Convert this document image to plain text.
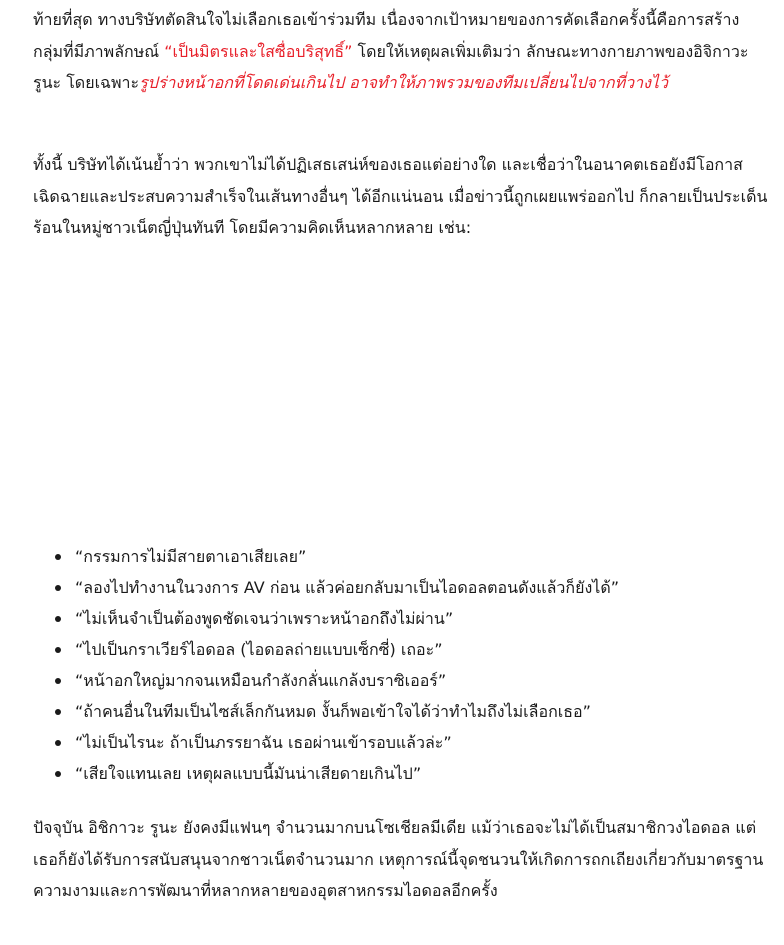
ท้ายที่สุด ทางบริษัทตัดสินใจไม่เลือกเธอเข้าร่วมทีม เนื่องจากเป้าหมายของการคัดเลือกครั้งนี้คือการสร้างกลุ่มที่มีภาพลักษณ์ “เป็นมิตรและใสซื่อบริสุทธิ์” โดยให้เหตุผลเพิ่มเติมว่า ลักษณะทางกายภาพของอิจิกาวะ รูนะ โดยเฉพาะรูปร่างหน้าอกที่โดดเด่นเกินไป อาจทำให้ภาพรวมของทีมเปลี่ยนไปจากที่วางไว้

ทั้งนี้ บริษัทได้เน้นย้ำว่า พวกเขาไม่ได้ปฏิเสธเสน่ห์ของเธอแต่อย่างใด และเชื่อว่าในอนาคตเธอยังมีโอกาสเฉิดฉายและประสบความสำเร็จในเส้นทางอื่นๆ ได้อีกแน่นอน เมื่อข่าวนี้ถูกเผยแพร่ออกไป ก็กลายเป็นประเด็นร้อนในหมู่ชาวเน็ตญี่ปุ่นทันที โดยมีความคิดเห็นหลากหลาย เช่น:

“กรรมการไม่มีสายตาเอาเสียเลย”
“ลองไปทำงานในวงการ AV ก่อน แล้วค่อยกลับมาเป็นไอดอลตอนดังแล้วก็ยังได้”
“ไม่เห็นจำเป็นต้องพูดชัดเจนว่าเพราะหน้าอกถึงไม่ผ่าน”
“ไปเป็นกราเวียร์ไอดอล (ไอดอลถ่ายแบบเซ็กซี่) เถอะ”
“หน้าอกใหญ่มากจนเหมือนกำลังกลั่นแกล้งบราซิเออร์”
“ถ้าคนอื่นในทีมเป็นไซส์เล็กกันหมด งั้นก็พอเข้าใจได้ว่าทำไมถึงไม่เลือกเธอ”
“ไม่เป็นไรนะ ถ้าเป็นภรรยาฉัน เธอผ่านเข้ารอบแล้วล่ะ”
“เสียใจแทนเลย เหตุผลแบบนี้มันน่าเสียดายเกินไป”

ปัจจุบัน อิชิกาวะ รูนะ ยังคงมีแฟนๆ จำนวนมากบนโซเชียลมีเดีย แม้ว่าเธอจะไม่ได้เป็นสมาชิกวงไอดอล แต่เธอก็ยังได้รับการสนับสนุนจากชาวเน็ตจำนวนมาก เหตุการณ์นี้จุดชนวนให้เกิดการถกเถียงเกี่ยวกับมาตรฐานความงามและการพัฒนาที่หลากหลายของอุตสาหกรรมไอดอลอีกครั้ง
